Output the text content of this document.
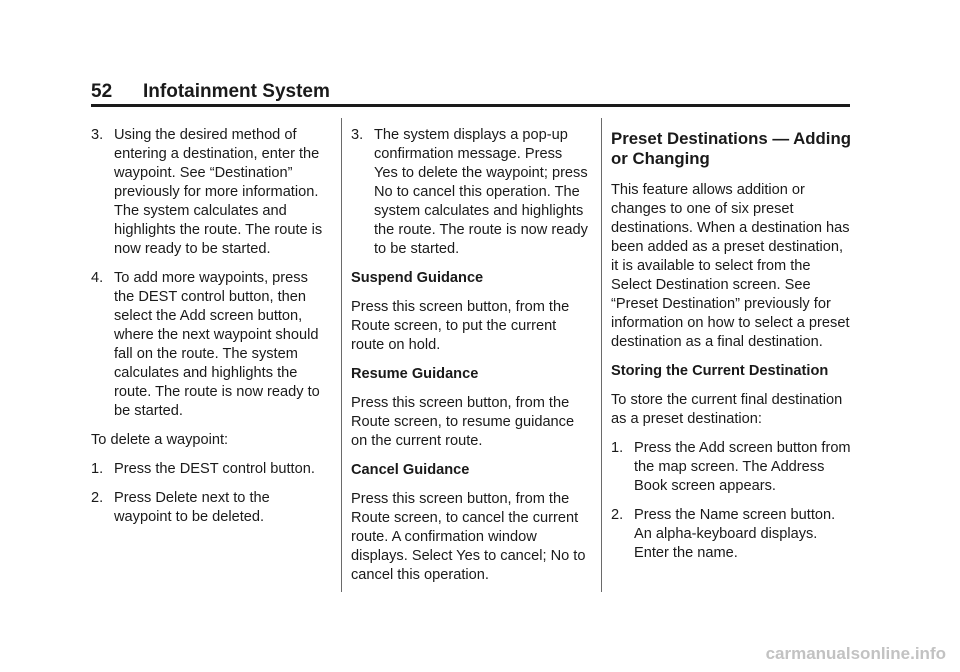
52 Infotainment System
3. Using the desired method of entering a destination, enter the waypoint. See “Destination” previously for more information. The system calculates and highlights the route. The route is now ready to be started.
4. To add more waypoints, press the DEST control button, then select the Add screen button, where the next waypoint should fall on the route. The system calculates and highlights the route. The route is now ready to be started.

To delete a waypoint:

1. Press the DEST control button.
2. Press Delete next to the waypoint to be deleted.
3. The system displays a pop-up confirmation message. Press Yes to delete the waypoint; press No to cancel this operation. The system calculates and highlights the route. The route is now ready to be started.
Suspend Guidance

Press this screen button, from the Route screen, to put the current route on hold.

Resume Guidance

Press this screen button, from the Route screen, to resume guidance on the current route.

Cancel Guidance

Press this screen button, from the Route screen, to cancel the current route. A confirmation window displays. Select Yes to cancel; No to cancel this operation.

Preset Destinations — Adding or Changing

This feature allows addition or changes to one of six preset destinations. When a destination has been added as a preset destination, it is available to select from the Select Destination screen. See “Preset Destination” previously for information on how to select a preset destination as a final destination.

Storing the Current Destination

To store the current final destination as a preset destination:

1. Press the Add screen button from the map screen. The Address Book screen appears.
2. Press the Name screen button. An alpha-keyboard displays. Enter the name.
carmanualsonline.info
